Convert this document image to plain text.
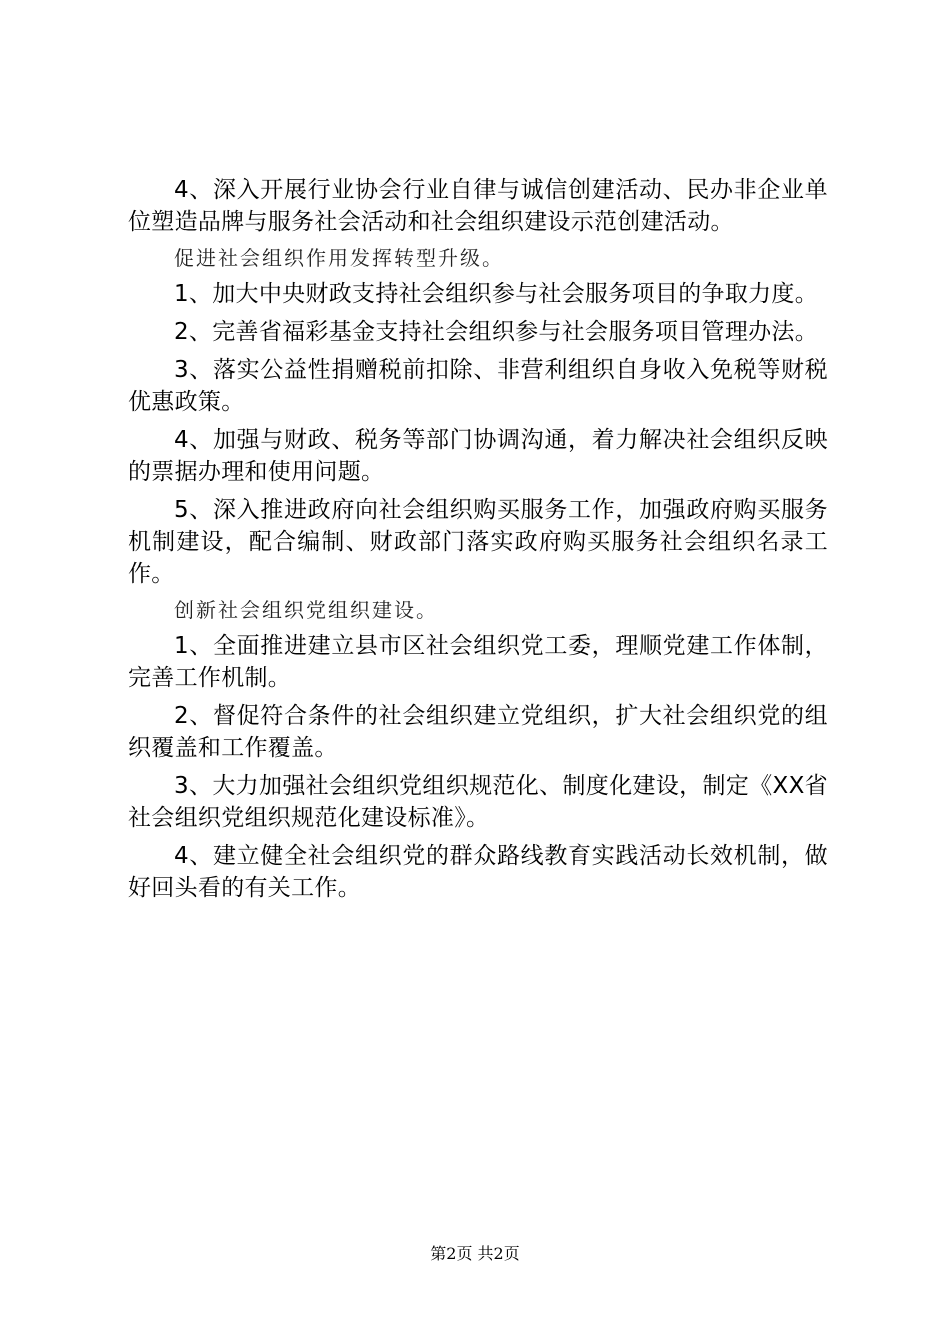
4、深入开展行业协会行业自律与诚信创建活动、民办非企业单位塑造品牌与服务社会活动和社会组织建设示范创建活动。

促进社会组织作用发挥转型升级。

1、加大中央财政支持社会组织参与社会服务项目的争取力度。

2、完善省福彩基金支持社会组织参与社会服务项目管理办法。

3、落实公益性捐赠税前扣除、非营利组织自身收入免税等财税优惠政策。

4、加强与财政、税务等部门协调沟通，着力解决社会组织反映的票据办理和使用问题。

5、深入推进政府向社会组织购买服务工作，加强政府购买服务机制建设，配合编制、财政部门落实政府购买服务社会组织名录工作。

创新社会组织党组织建设。

1、全面推进建立县市区社会组织党工委，理顺党建工作体制，完善工作机制。

2、督促符合条件的社会组织建立党组织，扩大社会组织党的组织覆盖和工作覆盖。

3、大力加强社会组织党组织规范化、制度化建设，制定《XX省社会组织党组织规范化建设标准》。

4、建立健全社会组织党的群众路线教育实践活动长效机制，做好回头看的有关工作。

第2页 共2页
